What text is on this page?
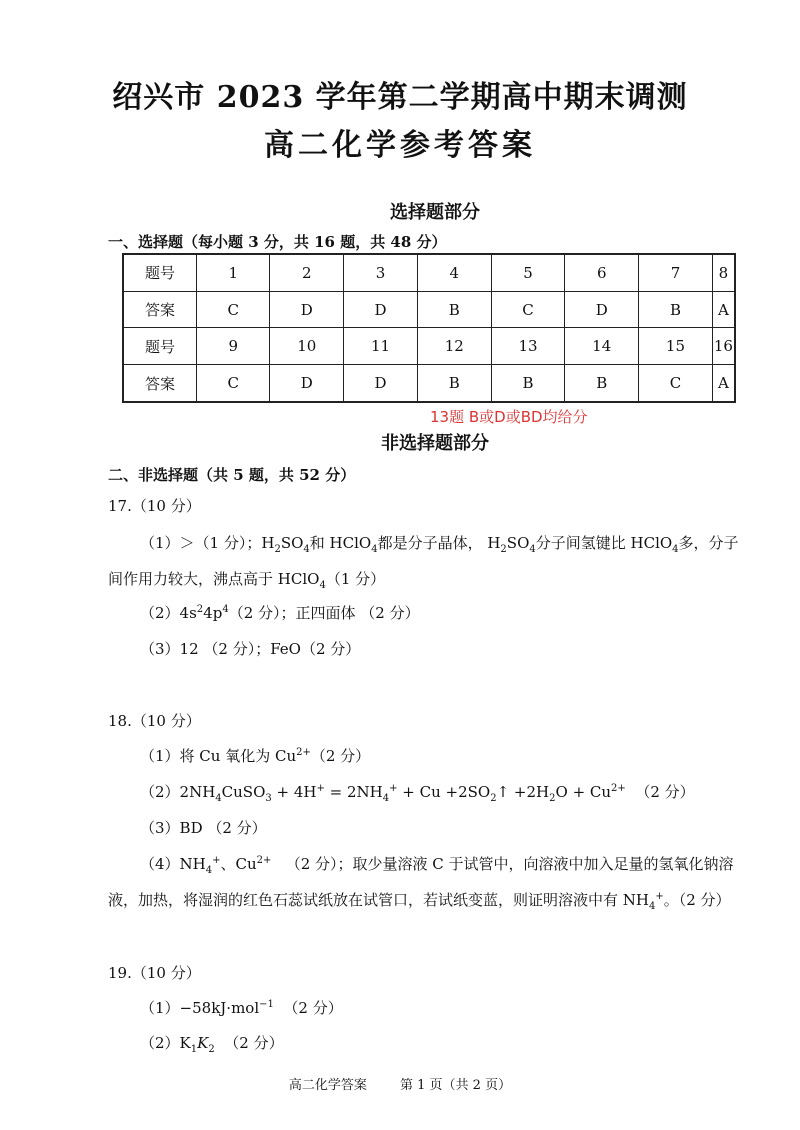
绍兴市 2023 学年第二学期高中期末调测
高二化学参考答案
选择题部分
一、选择题（每小题 3 分，共 16 题，共 48 分）
题号	1	2	3	4	5	6	7	8
答案	C	D	D	B	C	D	B	A
题号	9	10	11	12	13	14	15	16
答案	C	D	D	B	B	B	C	A
13题 B或D或BD均给分
非选择题部分
二、非选择题（共 5 题，共 52 分）
17.（10 分）
（1）＞（1 分）；$H_2SO_4$和 HClO$_4$都是分子晶体， $H_2SO_4$分子间氢键比 HClO$_4$多，分子
间作用力较大，沸点高于 HClO$_4$（1 分）
$(2)4s^24p^4(2$ 分）；正四面体 （2 分）
（3）12 （2 分）；FeO（2 分）
18.（10 分）
（1）将 Cu 氧化为 $Cu^{2+}(2$ 分）
$(2)2NH_4CuSO_3 + 4H^+ = 2NH_4^+ + Cu$ $+2SO_2↑ +2H_2O + Cu^{2+}$ （2 分）
（3）BD （2 分）
$(4)NH_4^+$、$Cu^{2+}$ （2 分）；取少量溶液 C 于试管中，向溶液中加入足量的氢氧化钠溶
液，加热，将湿润的红色石蕊试纸放在试管口，若试纸变蓝，则证明溶液中有 $NH_4^+$。（2 分）
19.（10 分）
（1）−58kJ·mol$^{-1}$ （2 分）
$(2)K_1K_2$ （2 分）
高二化学答案	第 1 页（共 2 页）
